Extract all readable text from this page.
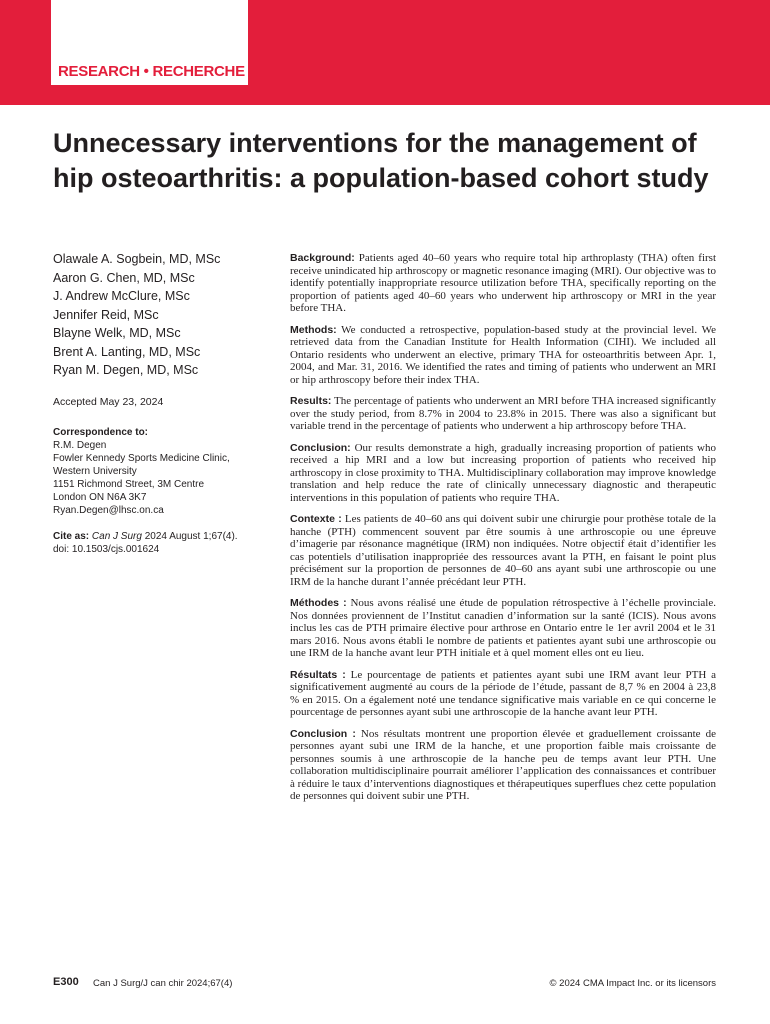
RESEARCH • RECHERCHE
Unnecessary interventions for the management of hip osteoarthritis: a population-based cohort study
Olawale A. Sogbein, MD, MSc
Aaron G. Chen, MD, MSc
J. Andrew McClure, MSc
Jennifer Reid, MSc
Blayne Welk, MD, MSc
Brent A. Lanting, MD, MSc
Ryan M. Degen, MD, MSc
Accepted May 23, 2024
Correspondence to:
R.M. Degen
Fowler Kennedy Sports Medicine Clinic,
Western University
1151 Richmond Street, 3M Centre
London ON N6A 3K7
Ryan.Degen@lhsc.on.ca
Cite as: Can J Surg 2024 August 1;67(4).
doi: 10.1503/cjs.001624

Background: Patients aged 40–60 years who require total hip arthroplasty (THA) often first receive unindicated hip arthroscopy or magnetic resonance imaging (MRI). Our objective was to identify potentially inappropriate resource utilization before THA, specifically reporting on the proportion of patients aged 40–60 years who underwent hip arthroscopy or MRI in the year before THA.

Methods: We conducted a retrospective, population-based study at the provincial level. We retrieved data from the Canadian Institute for Health Information (CIHI). We included all Ontario residents who underwent an elective, primary THA for osteoarthritis between Apr. 1, 2004, and Mar. 31, 2016. We identified the rates and timing of patients who underwent an MRI or hip arthroscopy before their index THA.

Results: The percentage of patients who underwent an MRI before THA increased significantly over the study period, from 8.7% in 2004 to 23.8% in 2015. There was also a significant but variable trend in the percentage of patients who underwent a hip arthroscopy before THA.

Conclusion: Our results demonstrate a high, gradually increasing proportion of patients who received a hip MRI and a low but increasing proportion of patients who received hip arthroscopy in close proximity to THA. Multidisciplinary collaboration may improve knowledge translation and help reduce the rate of clinically unnecessary diagnostic and therapeutic interventions in this population of patients who require THA.

Contexte : Les patients de 40–60 ans qui doivent subir une chirurgie pour prothèse totale de la hanche (PTH) commencent souvent par être soumis à une arthroscopie ou une épreuve d’imagerie par résonance magnétique (IRM) non indiquées. Notre objectif était d’identifier les cas potentiels d’utilisation inappropriée des ressources avant la PTH, en faisant le point plus précisément sur la proportion de personnes de 40–60 ans ayant subi une arthroscopie ou une IRM de la hanche durant l’année précédant leur PTH.

Méthodes : Nous avons réalisé une étude de population rétrospective à l’échelle provinciale. Nos données proviennent de l’Institut canadien d’information sur la santé (ICIS). Nous avons inclus les cas de PTH primaire élective pour arthrose en Ontario entre le 1er avril 2004 et le 31 mars 2016. Nous avons établi le nombre de patients et patientes ayant subi une arthroscopie ou une IRM de la hanche avant leur PTH initiale et à quel moment elles ont eu lieu.

Résultats : Le pourcentage de patients et patientes ayant subi une IRM avant leur PTH a significativement augmenté au cours de la période de l’étude, passant de 8,7 % en 2004 à 23,8 % en 2015. On a également noté une tendance significative mais variable en ce qui concerne le pourcentage de personnes ayant subi une arthroscopie de la hanche avant leur PTH.

Conclusion : Nos résultats montrent une proportion élevée et graduellement croissante de personnes ayant subi une IRM de la hanche, et une proportion faible mais croissante de personnes soumis à une arthroscopie de la hanche peu de temps avant leur PTH. Une collaboration multidisciplinaire pourrait améliorer l’application des connaissances et contribuer à réduire le taux d’interventions diagnostiques et thérapeutiques superflues chez cette population de personnes qui doivent subir une PTH.

E300 Can J Surg/J can chir 2024;67(4)	© 2024 CMA Impact Inc. or its licensors
